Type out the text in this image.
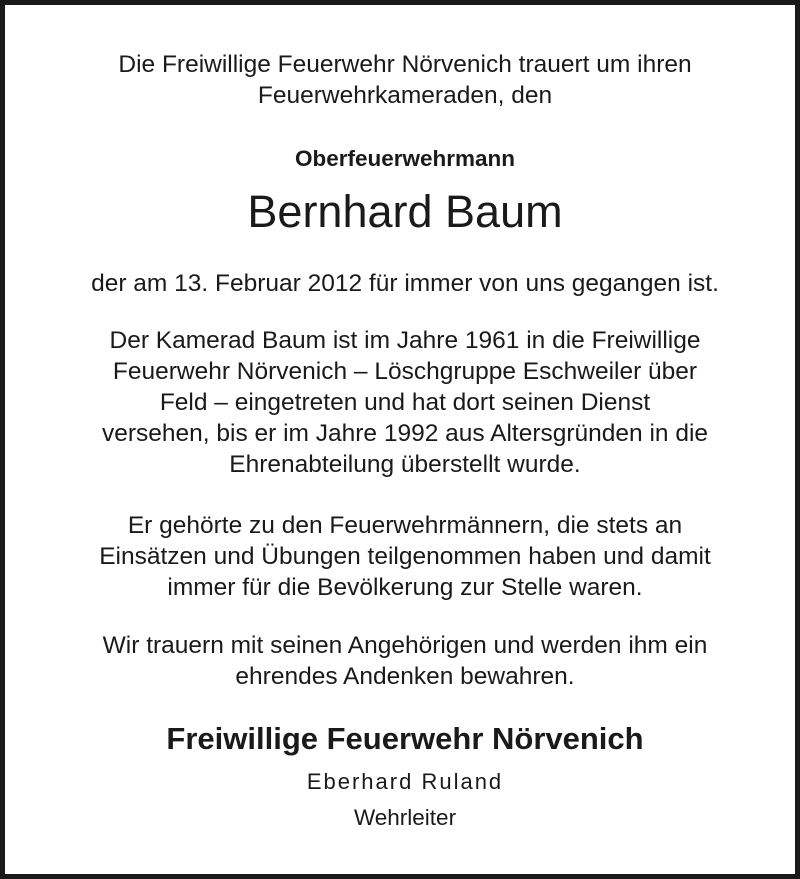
Die Freiwillige Feuerwehr Nörvenich trauert um ihren
Feuerwehrkameraden, den
Oberfeuerwehrmann
Bernhard Baum
der am 13. Februar 2012 für immer von uns gegangen ist.
Der Kamerad Baum ist im Jahre 1961 in die Freiwillige
Feuerwehr Nörvenich – Löschgruppe Eschweiler über
Feld – eingetreten und hat dort seinen Dienst
versehen, bis er im Jahre 1992 aus Altersgründen in die
Ehrenabteilung überstellt wurde.
Er gehörte zu den Feuerwehrmännern, die stets an
Einsätzen und Übungen teilgenommen haben und damit
immer für die Bevölkerung zur Stelle waren.
Wir trauern mit seinen Angehörigen und werden ihm ein
ehrendes Andenken bewahren.
Freiwillige Feuerwehr Nörvenich
Eberhard Ruland
Wehrleiter
